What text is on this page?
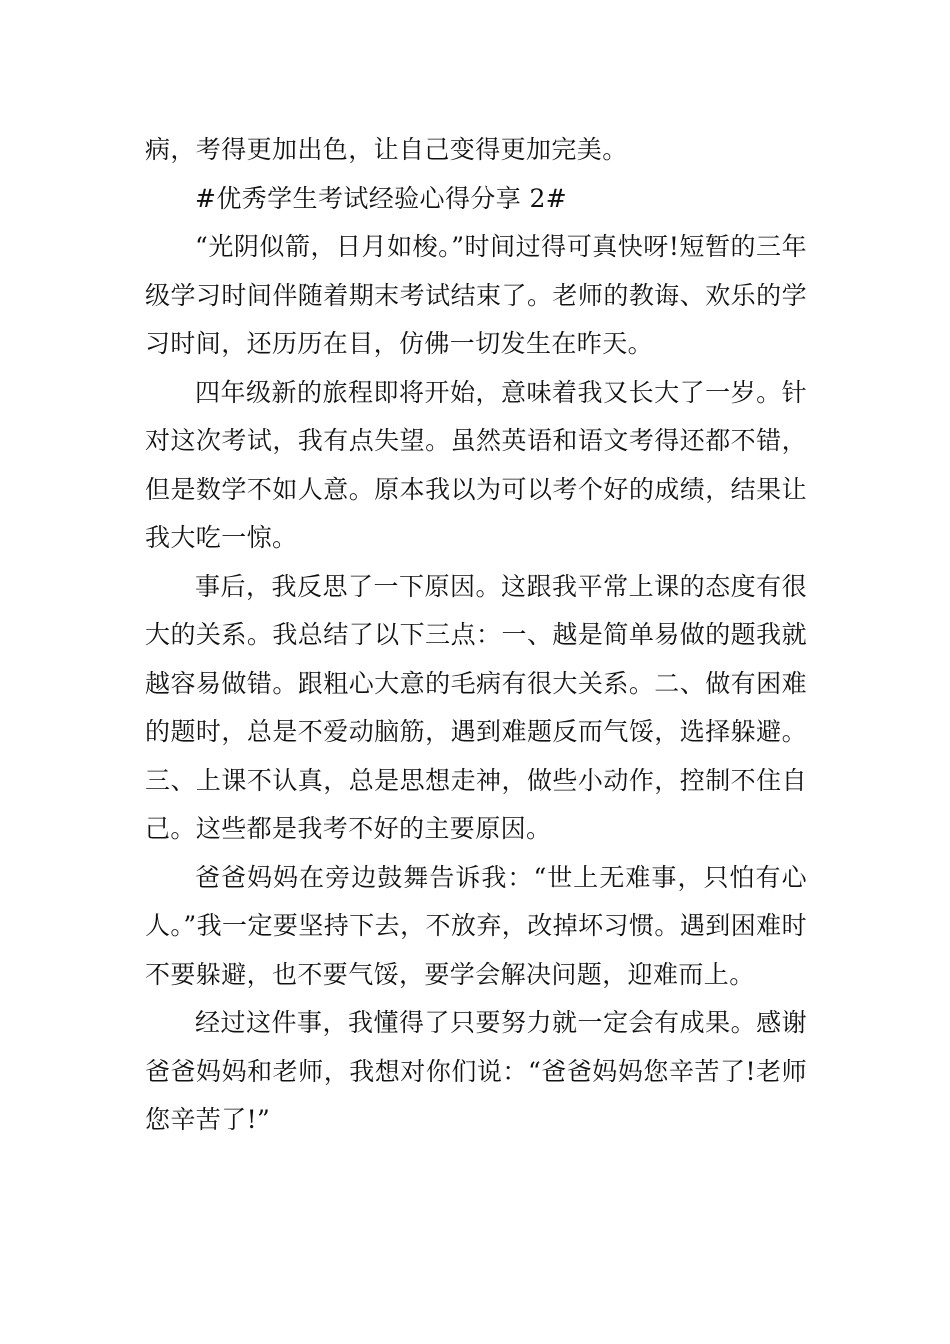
病，考得更加出色，让自己变得更加完美。

#优秀学生考试经验心得分享 2#

“光阴似箭，日月如梭。”时间过得可真快呀!短暂的三年级学习时间伴随着期末考试结束了。老师的教诲、欢乐的学习时间，还历历在目，仿佛一切发生在昨天。

四年级新的旅程即将开始，意味着我又长大了一岁。针对这次考试，我有点失望。虽然英语和语文考得还都不错，但是数学不如人意。原本我以为可以考个好的成绩，结果让我大吃一惊。

事后，我反思了一下原因。这跟我平常上课的态度有很大的关系。我总结了以下三点：一、越是简单易做的题我就越容易做错。跟粗心大意的毛病有很大关系。二、做有困难的题时，总是不爱动脑筋，遇到难题反而气馁，选择躲避。三、上课不认真，总是思想走神，做些小动作，控制不住自己。这些都是我考不好的主要原因。

爸爸妈妈在旁边鼓舞告诉我：“世上无难事，只怕有心人。”我一定要坚持下去，不放弃，改掉坏习惯。遇到困难时不要躲避，也不要气馁，要学会解决问题，迎难而上。

经过这件事，我懂得了只要努力就一定会有成果。感谢爸爸妈妈和老师，我想对你们说：“爸爸妈妈您辛苦了!老师您辛苦了!”
